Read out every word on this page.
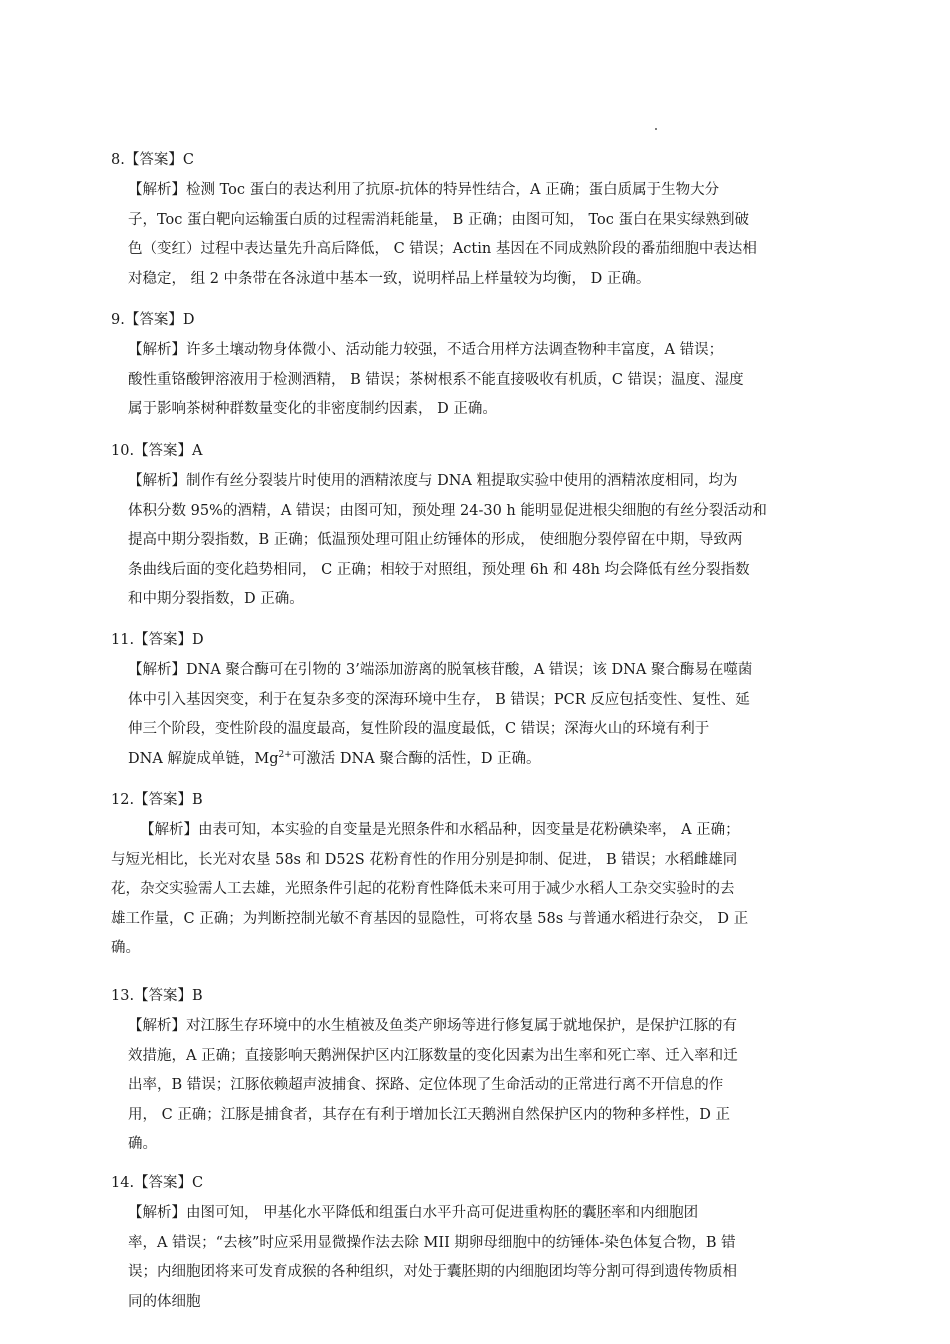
8.【答案】C

【解析】检测 Toc 蛋白的表达利用了抗原-抗体的特异性结合，A 正确；蛋白质属于生物大分
子，Toc 蛋白靶向运输蛋白质的过程需消耗能量， B 正确；由图可知， Toc 蛋白在果实绿熟到破
色（变红）过程中表达量先升高后降低， C 错误；Actin 基因在不同成熟阶段的番茄细胞中表达相
对稳定， 组 2 中条带在各泳道中基本一致，说明样品上样量较为均衡， D 正确。

9.【答案】D

【解析】许多土壤动物身体微小、活动能力较强，不适合用样方法调查物种丰富度，A 错误；
酸性重铬酸钾溶液用于检测酒精， B 错误；茶树根系不能直接吸收有机质，C 错误；温度、湿度
属于影响茶树种群数量变化的非密度制约因素， D 正确。

10.【答案】A

【解析】制作有丝分裂装片时使用的酒精浓度与 DNA 粗提取实验中使用的酒精浓度相同，均为
体积分数 95%的酒精，A 错误；由图可知，预处理 24-30 h 能明显促进根尖细胞的有丝分裂活动和
提高中期分裂指数，B 正确；低温预处理可阻止纺锤体的形成， 使细胞分裂停留在中期，导致两
条曲线后面的变化趋势相同， C 正确；相较于对照组，预处理 6h 和 48h 均会降低有丝分裂指数
和中期分裂指数，D 正确。

11.【答案】D

【解析】DNA 聚合酶可在引物的 3’端添加游离的脱氧核苷酸，A 错误；该 DNA 聚合酶易在噬菌
体中引入基因突变，利于在复杂多变的深海环境中生存， B 错误；PCR 反应包括变性、复性、延
伸三个阶段，变性阶段的温度最高，复性阶段的温度最低，C 错误；深海火山的环境有利于
DNA 解旋成单链，$Mg^{2+}$可激活 DNA 聚合酶的活性，D 正确。

12.【答案】B

【解析】由表可知，本实验的自变量是光照条件和水稻品种，因变量是花粉碘染率， A 正确；
与短光相比，长光对农垦 58s 和 D52S 花粉育性的作用分别是抑制、促进， B 错误；水稻雌雄同
花，杂交实验需人工去雄，光照条件引起的花粉育性降低未来可用于减少水稻人工杂交实验时的去
雄工作量，C 正确；为判断控制光敏不育基因的显隐性，可将农垦 58s 与普通水稻进行杂交， D 正
确。

13.【答案】B

【解析】对江豚生存环境中的水生植被及鱼类产卵场等进行修复属于就地保护，是保护江豚的有
效措施，A 正确；直接影响天鹅洲保护区内江豚数量的变化因素为出生率和死亡率、迁入率和迁
出率，B 错误；江豚依赖超声波捕食、探路、定位体现了生命活动的正常进行离不开信息的作
用， C 正确；江豚是捕食者，其存在有利于增加长江天鹅洲自然保护区内的物种多样性，D 正
确。

14.【答案】C

【解析】由图可知， 甲基化水平降低和组蛋白水平升高可促进重构胚的囊胚率和内细胞团
率，A 错误；“去核”时应采用显微操作法去除 MII 期卵母细胞中的纺锤体-染色体复合物，B 错
误；内细胞团将来可发育成猴的各种组织，对处于囊胚期的内细胞团均等分割可得到遗传物质相
同的体细胞
